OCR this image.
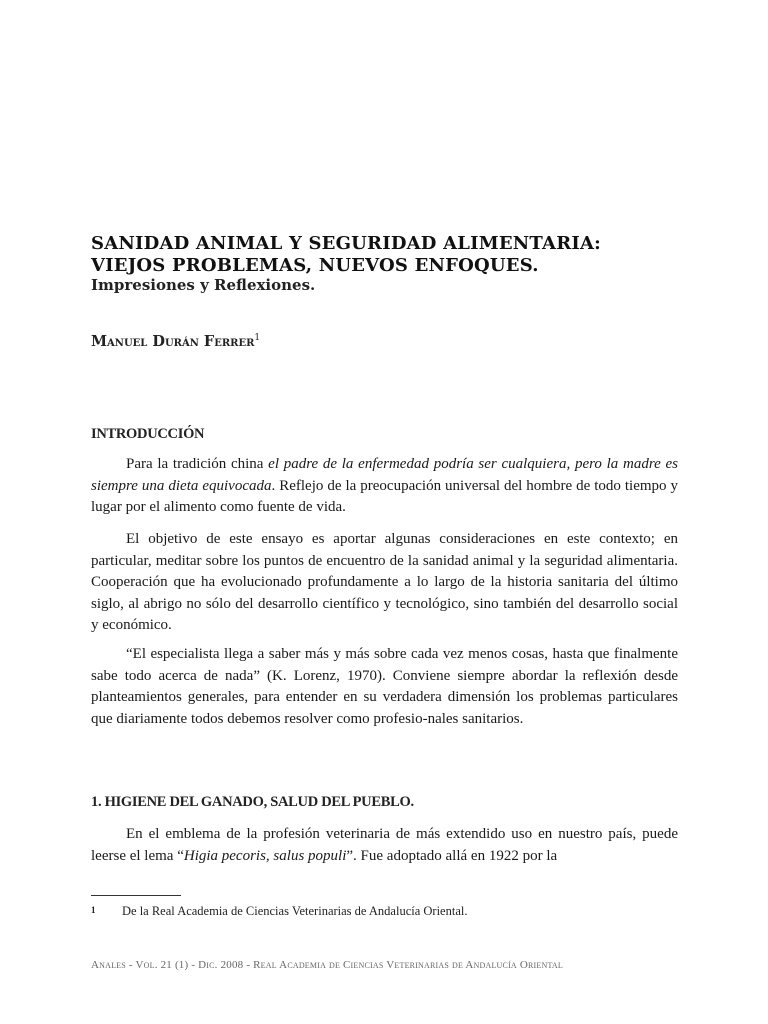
SANIDAD ANIMAL Y SEGURIDAD ALIMENTARIA: VIEJOS PROBLEMAS, NUEVOS ENFOQUES.

Impresiones y Reflexiones.

Manuel Durán Ferrer$^1$

INTRODUCCIÓN

Para la tradición china el padre de la enfermedad podría ser cualquiera, pero la madre es siempre una dieta equivocada. Reflejo de la preocupación universal del hombre de todo tiempo y lugar por el alimento como fuente de vida.

El objetivo de este ensayo es aportar algunas consideraciones en este contexto; en particular, meditar sobre los puntos de encuentro de la sanidad animal y la seguridad alimentaria. Cooperación que ha evolucionado profundamente a lo largo de la historia sanitaria del último siglo, al abrigo no sólo del desarrollo científico y tecnológico, sino también del desarrollo social y económico.

“El especialista llega a saber más y más sobre cada vez menos cosas, hasta que finalmente sabe todo acerca de nada” (K. Lorenz, 1970). Conviene siempre abordar la reflexión desde planteamientos generales, para entender en su verdadera dimensión los problemas particulares que diariamente todos debemos resolver como profesio-nales sanitarios.

1. HIGIENE DEL GANADO, SALUD DEL PUEBLO.

En el emblema de la profesión veterinaria de más extendido uso en nuestro país, puede leerse el lema “Higia pecoris, salus populi”. Fue adoptado allá en 1922 por la

1 De la Real Academia de Ciencias Veterinarias de Andalucía Oriental.

Anales - Vol. 21 (1) - Dic. 2008 - Real Academia de Ciencias Veterinarias de Andalucía Oriental
